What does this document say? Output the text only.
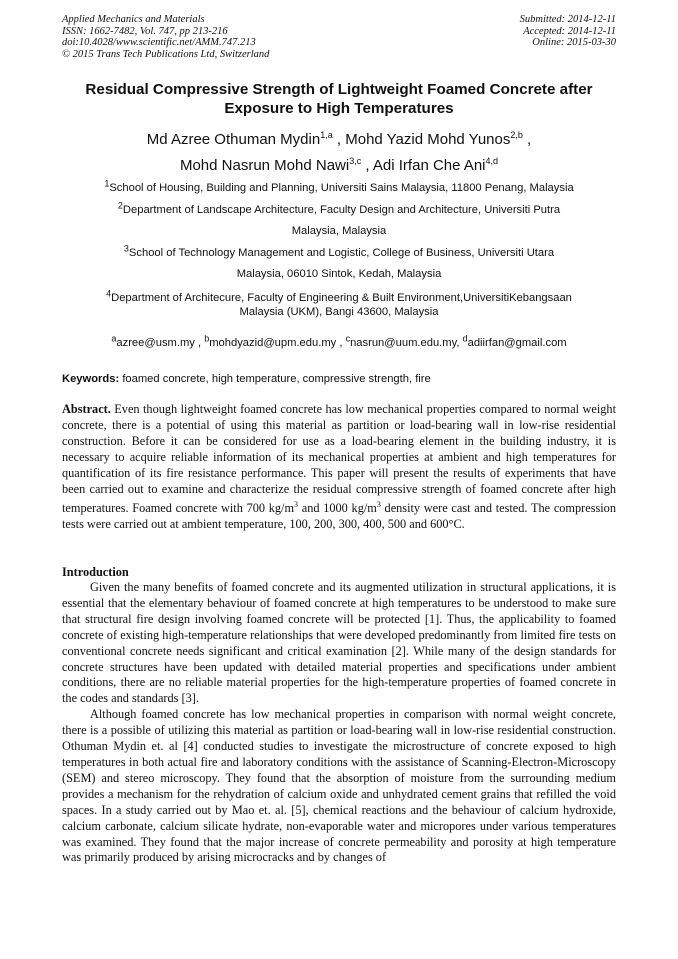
Applied Mechanics and Materials
ISSN: 1662-7482, Vol. 747, pp 213-216
doi:10.4028/www.scientific.net/AMM.747.213
© 2015 Trans Tech Publications Ltd, Switzerland
Submitted: 2014-12-11
Accepted: 2014-12-11
Online: 2015-03-30
Residual Compressive Strength of Lightweight Foamed Concrete after
Exposure to High Temperatures
Md Azree Othuman Mydin$^{1,a}$ , Mohd Yazid Mohd Yunos$^{2,b}$ ,
Mohd Nasrun Mohd Nawi$^{3,c}$ , Adi Irfan Che Ani$^{4,d}$
$^1$School of Housing, Building and Planning, Universiti Sains Malaysia, 11800 Penang, Malaysia
$^2$Department of Landscape Architecture, Faculty Design and Architecture, Universiti Putra
Malaysia, Malaysia
$^3$School of Technology Management and Logistic, College of Business, Universiti Utara
Malaysia, 06010 Sintok, Kedah, Malaysia
$^4$Department of Architecure, Faculty of Engineering & Built Environment,UniversitiKebangsaan
Malaysia (UKM), Bangi 43600, Malaysia
$^a$azree@usm.my , $^b$mohdyazid@upm.edu.my , $^c$nasrun@uum.edu.my, $^d$adiirfan@gmail.com
Keywords: foamed concrete, high temperature, compressive strength, fire
Abstract. Even though lightweight foamed concrete has low mechanical properties compared to normal weight concrete, there is a potential of using this material as partition or load-bearing wall in low-rise residential construction. Before it can be considered for use as a load-bearing element in the building industry, it is necessary to acquire reliable information of its mechanical properties at ambient and high temperatures for quantification of its fire resistance performance. This paper will present the results of experiments that have been carried out to examine and characterize the residual compressive strength of foamed concrete after high temperatures. Foamed concrete with 700 $kg/m^3$ and 1000 $kg/m^3$ density were cast and tested. The compression tests were carried out at ambient temperature, 100, 200, 300, 400, 500 and 600°C.
Introduction

Given the many benefits of foamed concrete and its augmented utilization in structural applications, it is essential that the elementary behaviour of foamed concrete at high temperatures to be understood to make sure that structural fire design involving foamed concrete will be protected [1]. Thus, the applicability to foamed concrete of existing high-temperature relationships that were developed predominantly from limited fire tests on conventional concrete needs significant and critical examination [2]. While many of the design standards for concrete structures have been updated with detailed material properties and specifications under ambient conditions, there are no reliable material properties for the high-temperature properties of foamed concrete in the codes and standards [3].

Although foamed concrete has low mechanical properties in comparison with normal weight concrete, there is a possible of utilizing this material as partition or load-bearing wall in low-rise residential construction. Othuman Mydin et. al [4] conducted studies to investigate the microstructure of concrete exposed to high temperatures in both actual fire and laboratory conditions with the assistance of Scanning-Electron-Microscopy (SEM) and stereo microscopy. They found that the absorption of moisture from the surrounding medium provides a mechanism for the rehydration of calcium oxide and unhydrated cement grains that refilled the void spaces. In a study carried out by Mao et. al. [5], chemical reactions and the behaviour of calcium hydroxide, calcium carbonate, calcium silicate hydrate, non-evaporable water and micropores under various temperatures was examined. They found that the major increase of concrete permeability and porosity at high temperature was primarily produced by arising microcracks and by changes of
